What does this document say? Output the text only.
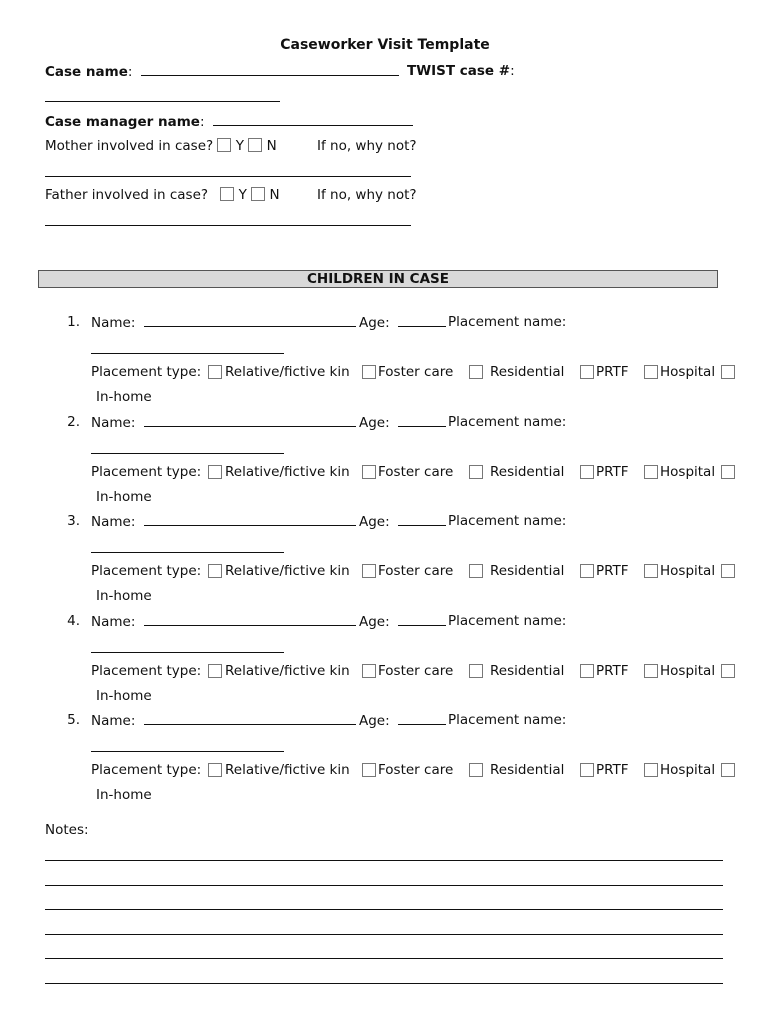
Caseworker Visit Template
Case name:	TWIST case #:
Case manager name:
Mother involved in case? Y N	If no, why not?
Father involved in case? Y N	If no, why not?
CHILDREN IN CASE
1. Name:	Age:	Placement name:
Placement type: Relative/fictive kin Foster care	Residential PRTF Hospital
In-home
2. Name:	Age:	Placement name:
Placement type: Relative/fictive kin Foster care	Residential PRTF Hospital
In-home
3. Name:	Age:	Placement name:
Placement type: Relative/fictive kin Foster care	Residential PRTF Hospital
In-home
4. Name:	Age:	Placement name:
Placement type: Relative/fictive kin Foster care	Residential PRTF Hospital
In-home
5. Name:	Age:	Placement name:
Placement type: Relative/fictive kin Foster care	Residential PRTF Hospital
In-home
Notes:
